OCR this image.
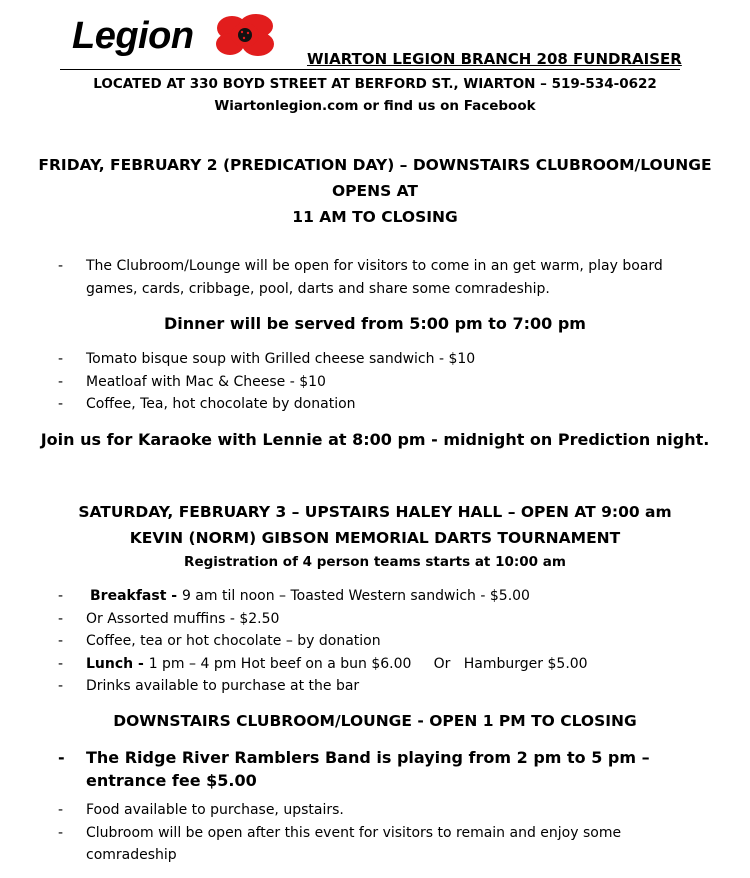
Legion
WIARTON LEGION BRANCH 208 FUNDRAISER
LOCATED AT 330 BOYD STREET AT BERFORD ST., WIARTON – 519-534-0622
Wiartonlegion.com or find us on Facebook
FRIDAY, FEBRUARY 2 (PREDICATION DAY) – DOWNSTAIRS CLUBROOM/LOUNGE
OPENS AT
11 AM TO CLOSING
- The Clubroom/Lounge will be open for visitors to come in an get warm, play board games, cards, cribbage, pool, darts and share some comradeship.
Dinner will be served from 5:00 pm to 7:00 pm
- Tomato bisque soup with Grilled cheese sandwich - $10
- Meatloaf with Mac & Cheese - $10
- Coffee, Tea, hot chocolate by donation
Join us for Karaoke with Lennie at 8:00 pm - midnight on Prediction night.
SATURDAY, FEBRUARY 3 – UPSTAIRS HALEY HALL – OPEN AT 9:00 am
KEVIN (NORM) GIBSON MEMORIAL DARTS TOURNAMENT
Registration of 4 person teams starts at 10:00 am
- Breakfast - 9 am til noon – Toasted Western sandwich - $5.00
- Or Assorted muffins - $2.50
- Coffee, tea or hot chocolate – by donation
- Lunch - 1 pm – 4 pm Hot beef on a bun $6.00     Or   Hamburger $5.00
- Drinks available to purchase at the bar
DOWNSTAIRS CLUBROOM/LOUNGE - OPEN 1 PM TO CLOSING
- The Ridge River Ramblers Band is playing from 2 pm to 5 pm – entrance fee $5.00
- Food available to purchase, upstairs.
- Clubroom will be open after this event for visitors to remain and enjoy some comradeship
